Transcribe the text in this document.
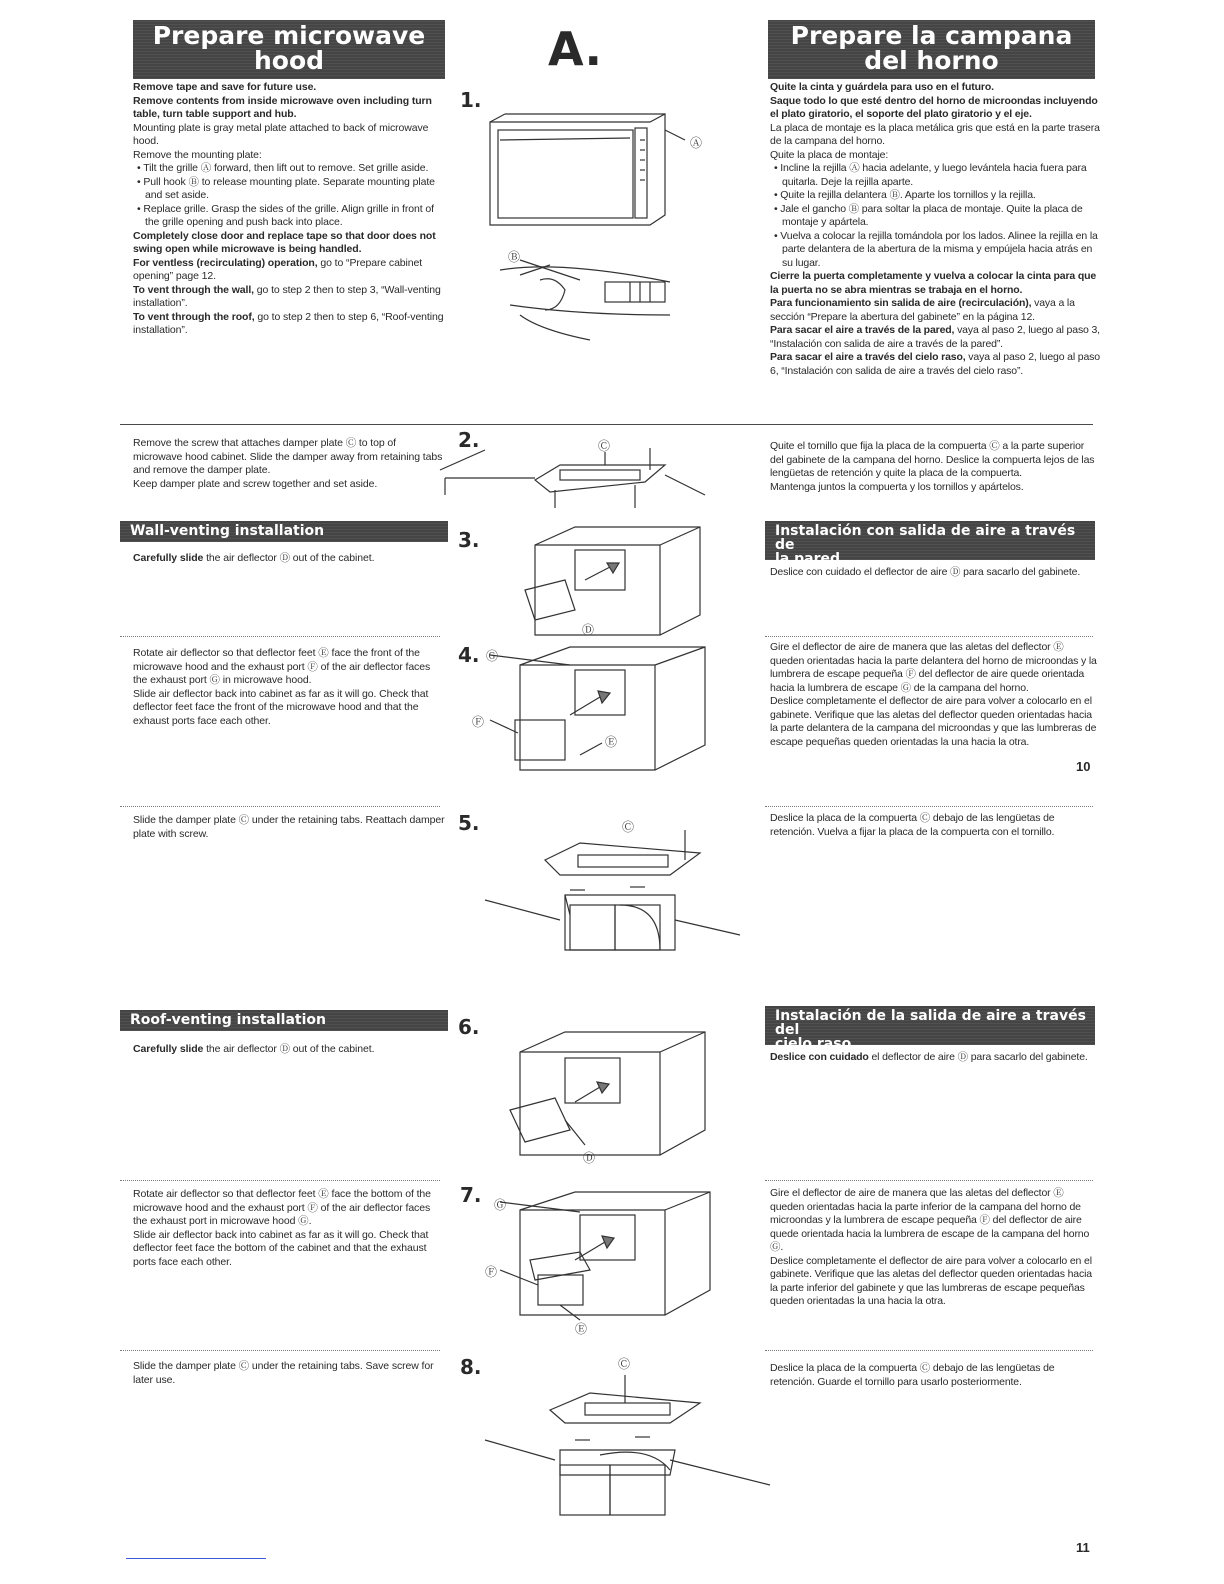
Prepare microwave
hood	A.	Prepare la campana
del horno

Remove tape and save for future use.

Remove contents from inside microwave oven including turn table, turn table support and hub.

Mounting plate is gray metal plate attached to back of microwave hood.

Remove the mounting plate:

• Tilt the grille Ⓐ forward, then lift out to remove. Set grille aside.

• Pull hook Ⓑ to release mounting plate. Separate mounting plate and set aside.

• Replace grille. Grasp the sides of the grille. Align grille in front of the grille opening and push back into place.

Completely close door and replace tape so that door does not swing open while microwave is being handled.

For ventless (recirculating) operation, go to “Prepare cabinet opening” page 12.

To vent through the wall, go to step 2 then to step 3, “Wall-venting installation”.

To vent through the roof, go to step 2 then to step 6, “Roof-venting installation”.

1.
Ⓐ
Ⓑ

Quite la cinta y guárdela para uso en el futuro.

Saque todo lo que esté dentro del horno de microondas incluyendo el plato giratorio, el soporte del plato giratorio y el eje.

La placa de montaje es la placa metálica gris que está en la parte trasera de la campana del horno.

Quite la placa de montaje:

• Incline la rejilla Ⓐ hacia adelante, y luego levántela hacia fuera para quitarla. Deje la rejilla aparte.

• Quite la rejilla delantera Ⓑ. Aparte los tornillos y la rejilla.

• Jale el gancho Ⓑ para soltar la placa de montaje. Quite la placa de montaje y apártela.

• Vuelva a colocar la rejilla tomándola por los lados. Alinee la rejilla en la parte delantera de la abertura de la misma y empújela hacia atrás en su lugar.

Cierre la puerta completamente y vuelva a colocar la cinta para que la puerta no se abra mientras se trabaja en el horno.

Para funcionamiento sin salida de aire (recirculación), vaya a la sección “Prepare la abertura del gabinete” en la página 12.

Para sacar el aire a través de la pared, vaya al paso 2, luego al paso 3, “Instalación con salida de aire a través de la pared”.

Para sacar el aire a través del cielo raso, vaya al paso 2, luego al paso 6, “Instalación con salida de aire a través del cielo raso”.

Remove the screw that attaches damper plate Ⓒ to top of microwave hood cabinet. Slide the damper away from retaining tabs and remove the damper plate.

Keep damper plate and screw together and set aside.

2.	Ⓒ	Quite el tornillo que fija la placa de la compuerta Ⓒ a la parte superior del gabinete de la campana del horno. Deslice la compuerta lejos de las lengüetas de retención y quite la placa de la compuerta.

Mantenga juntos la compuerta y los tornillos y apártelos.

Wall-venting installation	Instalación con salida de aire a través de
la pared
3.

Carefully slide the air deflector Ⓓ out of the cabinet.

Ⓓ

Deslice con cuidado el deflector de aire Ⓓ para sacarlo del gabinete.

Rotate air deflector so that deflector feet Ⓔ face the front of the microwave hood and the exhaust port Ⓕ of the air deflector faces the exhaust port Ⓖ in microwave hood.

Slide air deflector back into cabinet as far as it will go. Check that deflector feet face the front of the microwave hood and that the exhaust ports face each other.

4. Ⓖ
Ⓕ
Ⓔ

Gire el deflector de aire de manera que las aletas del deflector Ⓔ queden orientadas hacia la parte delantera del horno de microondas y la lumbrera de escape pequeña Ⓕ del deflector de aire quede orientada hacia la lumbrera de escape Ⓖ de la campana del horno.

Deslice completamente el deflector de aire para volver a colocarlo en el gabinete. Verifique que las aletas del deflector queden orientadas hacia la parte delantera de la campana del microondas y que las lumbreras de escape pequeñas queden orientadas la una hacia la otra.

10

Slide the damper plate Ⓒ under the retaining tabs. Reattach damper plate with screw.	5.	Ⓒ

Deslice la placa de la compuerta Ⓒ debajo de las lengüetas de retención. Vuelva a fijar la placa de la compuerta con el tornillo.

Roof-venting installation	Instalación de la salida de aire a través del
cielo raso
6.

Carefully slide the air deflector Ⓓ out of the cabinet.

Ⓓ

Deslice con cuidado el deflector de aire Ⓓ para sacarlo del gabinete.

Rotate air deflector so that deflector feet Ⓔ face the bottom of the microwave hood and the exhaust port Ⓕ of the air deflector faces the exhaust port in microwave hood Ⓖ.

Slide air deflector back into cabinet as far as it will go. Check that deflector feet face the bottom of the cabinet and that the exhaust ports face each other.

7. Ⓖ
Ⓕ
Ⓔ

Gire el deflector de aire de manera que las aletas del deflector Ⓔ queden orientadas hacia la parte inferior de la campana del horno de microondas y la lumbrera de escape pequeña Ⓕ del deflector de aire quede orientada hacia la lumbrera de escape de la campana del horno Ⓖ.

Deslice completamente el deflector de aire para volver a colocarlo en el gabinete. Verifique que las aletas del deflector queden orientadas hacia la parte inferior del gabinete y que las lumbreras de escape pequeñas queden orientadas la una hacia la otra.

Slide the damper plate Ⓒ under the retaining tabs. Save screw for later use.

8.	Ⓒ	Deslice la placa de la compuerta Ⓒ debajo de las lengüetas de retención. Guarde el tornillo para usarlo posteriormente.

11
